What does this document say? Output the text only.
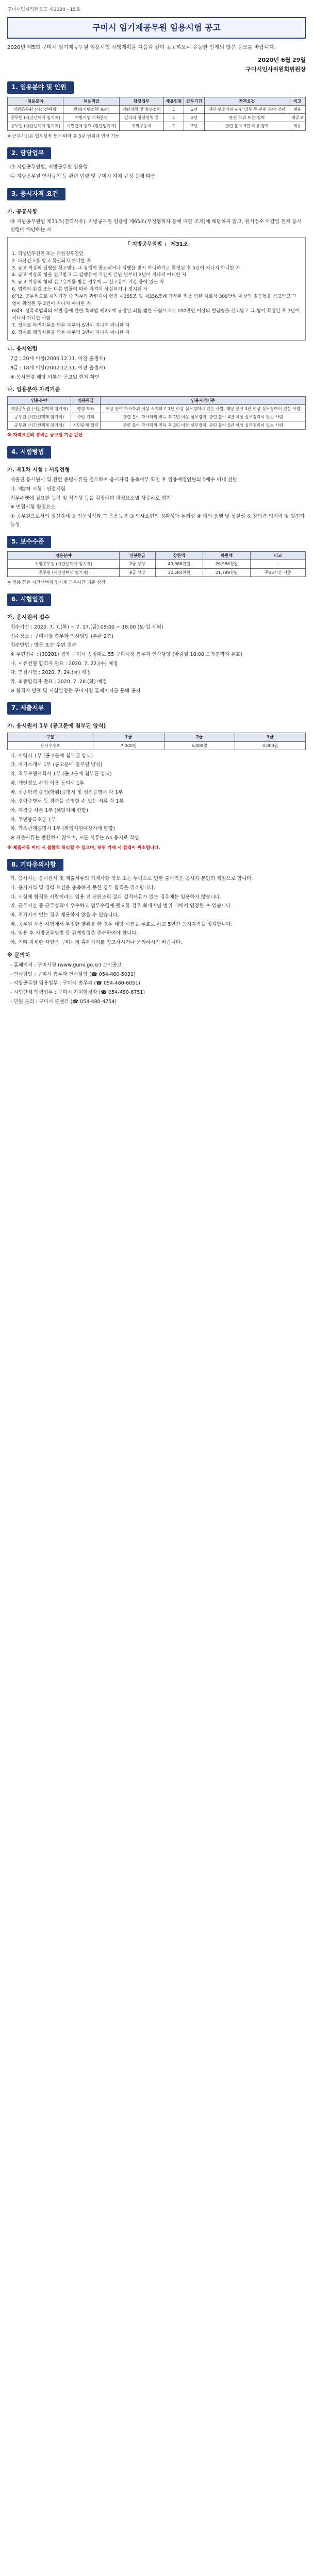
구미시임시직원공고 제2020 - 15호
구미시 임기제공무원 임용시험 공고

2020년 제5회 구미시 임기제공무원 임용시험 시행계획을 다음과 같이 공고하오니 유능한 인재의 많은 응모를 바랍니다.

2020년 6월 29일
구미시인사위원회위원장
1. 임용분야 및 인원
임용분야	채용직급	담당업무	채용인원	근무기간	자격요건	비고
지방공무원 (시간선택제)	행정(지방정책 보좌)	지방정책 및 청년정책	1	2년	정부 행정기관 관련 업무 등 관련 분야 경력	채용
공무원 (시간선택제 임기제)	지방사업 기획운영	일자리 청년정책 등	1	2년	관련 학위 또는 경력	재공고
공무원 (시간선택제 임기제)	시민단체 협력 (일반임기제)	지역공동체	1	2년	관련 분야 3년 이상 경력	채용
※ 근무기간은 업무실적 등에 따라 총 5년 범위내 연장 가능
2. 담당업무
㉠ 지방공무원법, 지방공무원 임용령
㉡ 지방공무원 인사규칙 등 관련 법령 및 구미시 자체 규정 등에 따름
3. 응시자격 요건
가. 공통사항
㉮ 지방공무원법 제31조(결격사유), 지방공무원 임용령 제65조(부정행위자 등에 대한 조치)에 해당하지 않고, 원서접수 마감일 현재 응시연령에 해당하는 자
「 지방공무원법 」 제31조
1. 피성년후견인 또는 피한정후견인
2. 파산선고를 받고 복권되지 아니한 자
3. 금고 이상의 실형을 선고받고 그 집행이 종료되거나 집행을 받지 아니하기로 확정된 후 5년이 지나지 아니한 자
4. 금고 이상의 형을 선고받고 그 집행유예 기간이 끝난 날부터 2년이 지나지 아니한 자
5. 금고 이상의 형의 선고유예를 받은 경우에 그 선고유예 기간 중에 있는 자
6. 법원의 판결 또는 다른 법률에 따라 자격이 상실되거나 정지된 자
6의2. 공무원으로 재직기간 중 직무와 관련하여 형법 제355조 및 제356조에 규정된 죄를 범한 자로서 300만원 이상의 벌금형을 선고받고 그 형이 확정된 후 2년이 지나지 아니한 자
6의3. 성폭력범죄의 처벌 등에 관한 특례법 제2조에 규정된 죄를 범한 사람으로서 100만원 이상의 벌금형을 선고받고 그 형이 확정된 후 3년이 지나지 아니한 사람
7. 징계로 파면처분을 받은 때부터 5년이 지나지 아니한 자
8. 징계로 해임처분을 받은 때부터 3년이 지나지 아니한 자
나. 응시연령
7급 : 20세 이상(2000.12.31. 이전 출생자)
9급 : 18세 이상(2002.12.31. 이전 출생자)
※ 응시연령 해당 여부는 공고일 현재 확인
나. 임용분야 자격기준
임용분야	임용등급	임용자격기준
지방공무원 (시간선택제 임기제)	행정 보좌	해당 분야 학사학위 이상 소지하고 1년 이상 실무경력이 있는 사람, 해당 분야 3년 이상 실무경력이 있는 사람
공무원 (시간선택제 임기제)	사업 기획	관련 분야 학사학위 취득 후 2년 이상 실무경력, 관련 분야 4년 이상 실무경력이 있는 사람
공무원 (시간선택제 임기제)	시민단체 협력	관련 분야 학사학위 취득 후 3년 이상 실무경력, 관련 분야 5년 이상 실무경력이 있는 사람
※ 자격요건의 경력은 공고일 기준 판단
4. 시험방법
가. 제1차 시험 : 서류전형
제출된 응시원서 및 관련 증빙서류를 검토하여 응시자격 충족여부 확인 후 임용예정인원의 5배수 이내 선발
나. 제2차 시험 : 면접시험
직무수행에 필요한 능력 및 적격성 등을 검정하며 평정요소별 상중하로 평가
※ 면접시험 평정요소
① 공무원으로서의 정신자세 ② 전문지식과 그 응용능력 ③ 의사표현의 정확성과 논리성 ④ 예의·품행 및 성실성 ⑤ 창의력·의지력 및 발전가능성
5. 보수수준
임용분야	연봉등급	상한액	하한액	비고
지방공무원 (시간선택제 임기제)	7급 상당	40,368천원	26,986천원	-
공무원 (시간선택제 임기제)	9급 상당	32,584천원	21,789천원	주35시간 기준
※ 연봉 등은 시간선택제 임기제 근무시간 기준 산정
6. 시험일정
가. 응시원서 접수
접수기간 : 2020. 7. 7.(화) ~ 7. 17.(금) 09:00 ~ 18:00 (토·일 제외)
접수장소 : 구미시청 총무과 인사담당 (본관 2층)
접수방법 : 방문 또는 우편 접수
※ 우편접수 : (39281) 경북 구미시 송정대로 55 구미시청 총무과 인사담당 (마감일 18:00 도착분까지 유효)
나. 서류전형 합격자 발표 : 2020. 7. 22.(수) 예정
다. 면접시험 : 2020. 7. 24.(금) 예정
라. 최종합격자 발표 : 2020. 7. 28.(화) 예정
※ 합격자 발표 및 시험일정은 구미시청 홈페이지를 통해 공지
7. 제출서류
가. 응시원서 1부 (공고문에 첨부된 양식)
구분	1급	2급	3급
응시수수료	7,000원	5,000원	3,000원
나. 이력서 1부 (공고문에 첨부된 양식)
다. 자기소개서 1부 (공고문에 첨부된 양식)
라. 직무수행계획서 1부 (공고문에 첨부된 양식)
마. 개인정보 수집·이용 동의서 1부
바. 최종학력 졸업(학위)증명서 및 성적증명서 각 1부
사. 경력증명서 등 경력을 증명할 수 있는 서류 각 1부
아. 자격증 사본 1부 (해당자에 한함)
자. 주민등록초본 1부
차. 가족관계증명서 1부 (취업지원대상자에 한함)
※ 제출서류는 반환하지 않으며, 모든 서류는 A4 용지로 작성
※ 제출서류 미비 시 불합격 처리될 수 있으며, 허위 기재 시 합격이 취소됩니다.
8. 기타유의사항
가. 응시자는 응시원서 및 제출서류의 기재사항 착오 또는 누락으로 인한 불이익은 응시자 본인의 책임으로 합니다.
나. 응시자격 및 경력 요건을 충족하지 못한 경우 합격을 취소합니다.
다. 시험에 합격한 사람이라도 임용 전 신원조회 결과 결격사유가 있는 경우에는 임용하지 않습니다.
라. 근무기간 중 근무실적이 우수하고 업무수행에 필요한 경우 최대 5년 범위 내에서 연장할 수 있습니다.
마. 적격자가 없는 경우 채용하지 않을 수 있습니다.
바. 공무원 채용 시험에서 부정한 행위를 한 경우 해당 시험을 무효로 하고 5년간 응시자격을 정지합니다.
사. 임용 후 지방공무원법 등 관계법령을 준수하여야 합니다.
아. 기타 자세한 사항은 구미시청 홈페이지를 참고하시거나 문의하시기 바랍니다.
※ 문의처
- 홈페이지 : 구미시청 (www.gumi.go.kr) 고시공고
- 인사담당 : 구미시 총무과 인사담당 (☎ 054-480-5031)
- 지방공무원 임용업무 : 구미시 총무과 (☎ 054-480-6051)
- 시민단체 협력업무 : 구미시 자치행정과 (☎ 054-480-6751)
- 민원 문의 : 구미시 콜센터 (☎ 054-480-4754)
